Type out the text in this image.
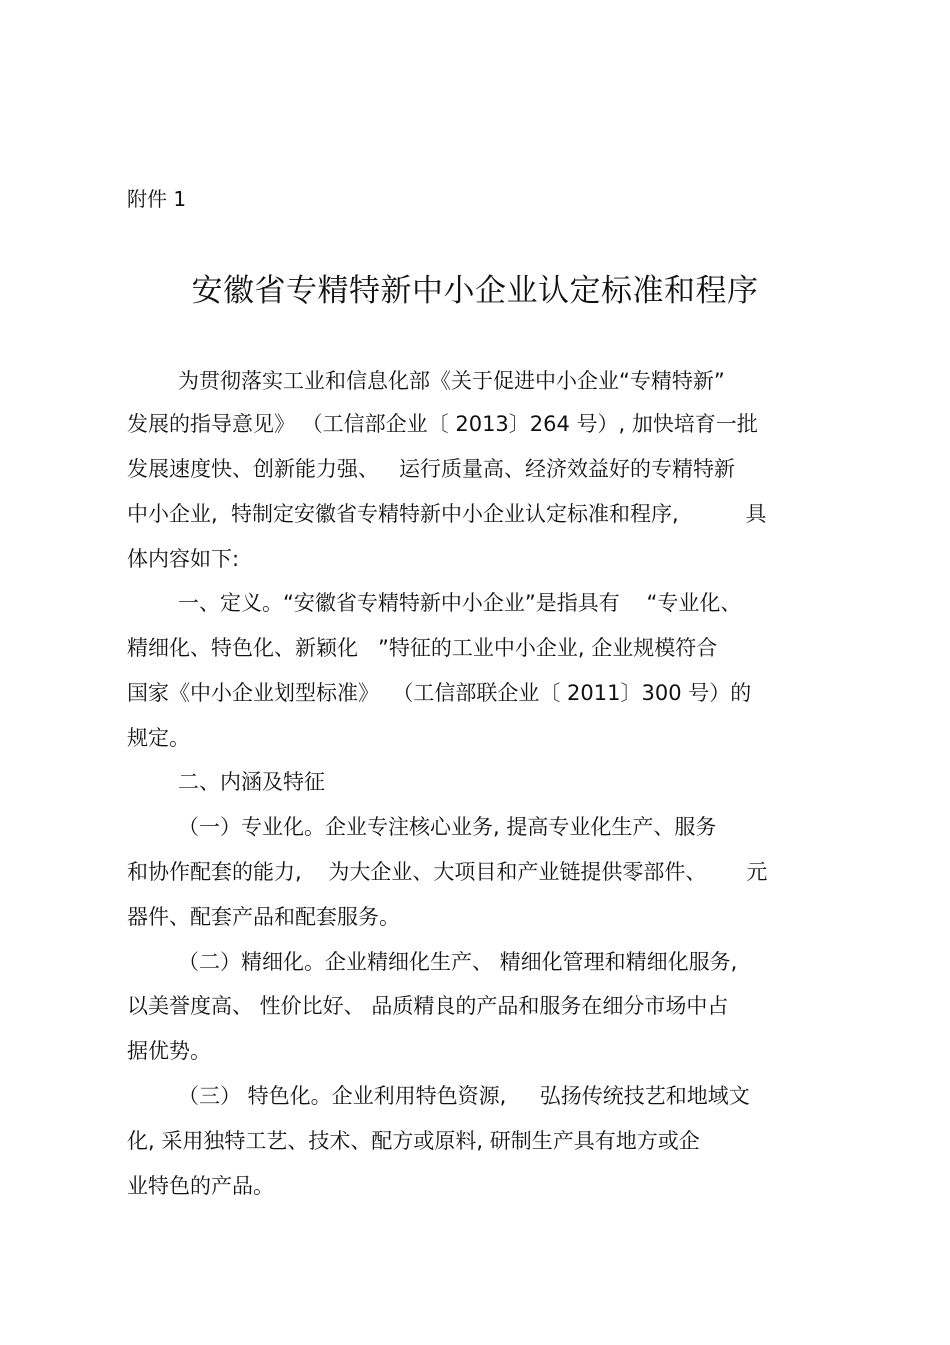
附件 1
安徽省专精特新中小企业认定标准和程序
为贯彻落实工业和信息化部《关于促进中小企业“专精特新”
发展的指导意见》 （工信部企业〔 2013〕264 号）, 加快培育一批
发展速度快、创新能力强、   运行质量高、经济效益好的专精特新
中小企业,  特制定安徽省专精特新中小企业认定标准和程序,          具
体内容如下:
一、定义。“安徽省专精特新中小企业”是指具有    “专业化、
精细化、特色化、新颖化   ”特征的工业中小企业, 企业规模符合
国家《中小企业划型标准》  （工信部联企业〔 2011〕300 号）的
规定。
二、内涵及特征
（一）专业化。企业专注核心业务, 提高专业化生产、服务
和协作配套的能力,    为大企业、大项目和产业链提供零部件、      元
器件、配套产品和配套服务。
（二）精细化。企业精细化生产、 精细化管理和精细化服务,
以美誉度高、 性价比好、 品质精良的产品和服务在细分市场中占
据优势。
（三） 特色化。企业利用特色资源,     弘扬传统技艺和地域文
化, 采用独特工艺、技术、配方或原料, 研制生产具有地方或企
业特色的产品。
